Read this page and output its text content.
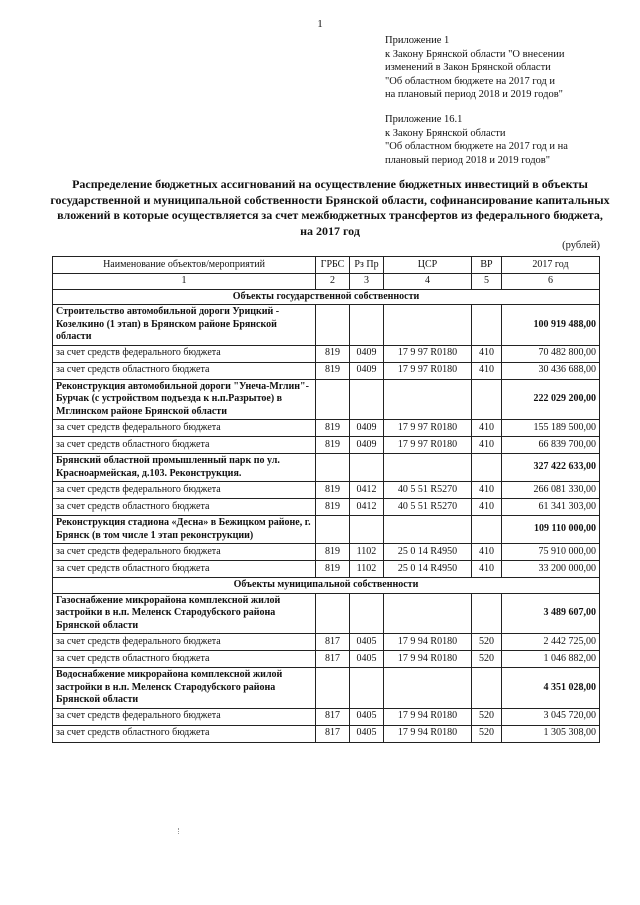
1
Приложение 1
к Закону Брянской области "О внесении
изменений в Закон Брянской области
"Об областном бюджете на 2017 год и
на плановый период 2018 и 2019 годов"
Приложение 16.1
к Закону Брянской области
"Об областном бюджете на 2017 год и на
плановый период 2018 и 2019 годов"
Распределение бюджетных ассигнований на осуществление бюджетных инвестиций в объекты государственной и муниципальной собственности Брянской области, софинансирование капитальных вложений в которые осуществляется за счет межбюджетных трансфертов из федерального бюджета, на 2017 год
(рублей)
Наименование объектов/мероприятий	ГРБС	Рз Пр	ЦСР	ВР	2017 год
1	2	3	4	5	6
Объекты государственной собственности					
Строительство автомобильной дороги Урицкий - Козелкино (1 этап) в Брянском районе Брянской области					100 919 488,00
за счет средств федерального бюджета	819	0409	17 9 97 R0180	410	70 482 800,00
за счет средств областного бюджета	819	0409	17 9 97 R0180	410	30 436 688,00
Реконструкция автомобильной дороги "Унеча-Мглин"-Бурчак (с устройством подъезда к н.п.Разрытое) в Мглинском районе Брянской области					222 029 200,00
за счет средств федерального бюджета	819	0409	17 9 97 R0180	410	155 189 500,00
за счет средств областного бюджета	819	0409	17 9 97 R0180	410	66 839 700,00
Брянский областной промышленный парк по ул. Красноармейская, д.103. Реконструкция.					327 422 633,00
за счет средств федерального бюджета	819	0412	40 5 51 R5270	410	266 081 330,00
за счет средств областного бюджета	819	0412	40 5 51 R5270	410	61 341 303,00
Реконструкция стадиона «Десна» в Бежицком районе, г. Брянск (в том числе 1 этап реконструкции)					109 110 000,00
за счет средств федерального бюджета	819	1102	25 0 14 R4950	410	75 910 000,00
за счет средств областного бюджета	819	1102	25 0 14 R4950	410	33 200 000,00
Объекты муниципальной собственности					
Газоснабжение микрорайона комплексной жилой застройки в н.п. Меленск Стародубского района Брянской области					3 489 607,00
за счет средств федерального бюджета	817	0405	17 9 94 R0180	520	2 442 725,00
за счет средств областного бюджета	817	0405	17 9 94 R0180	520	1 046 882,00
Водоснабжение микрорайона комплексной жилой застройки в н.п. Меленск Стародубского района Брянской области					4 351 028,00
за счет средств федерального бюджета	817	0405	17 9 94 R0180	520	3 045 720,00
за счет средств областного бюджета	817	0405	17 9 94 R0180	520	1 305 308,00
